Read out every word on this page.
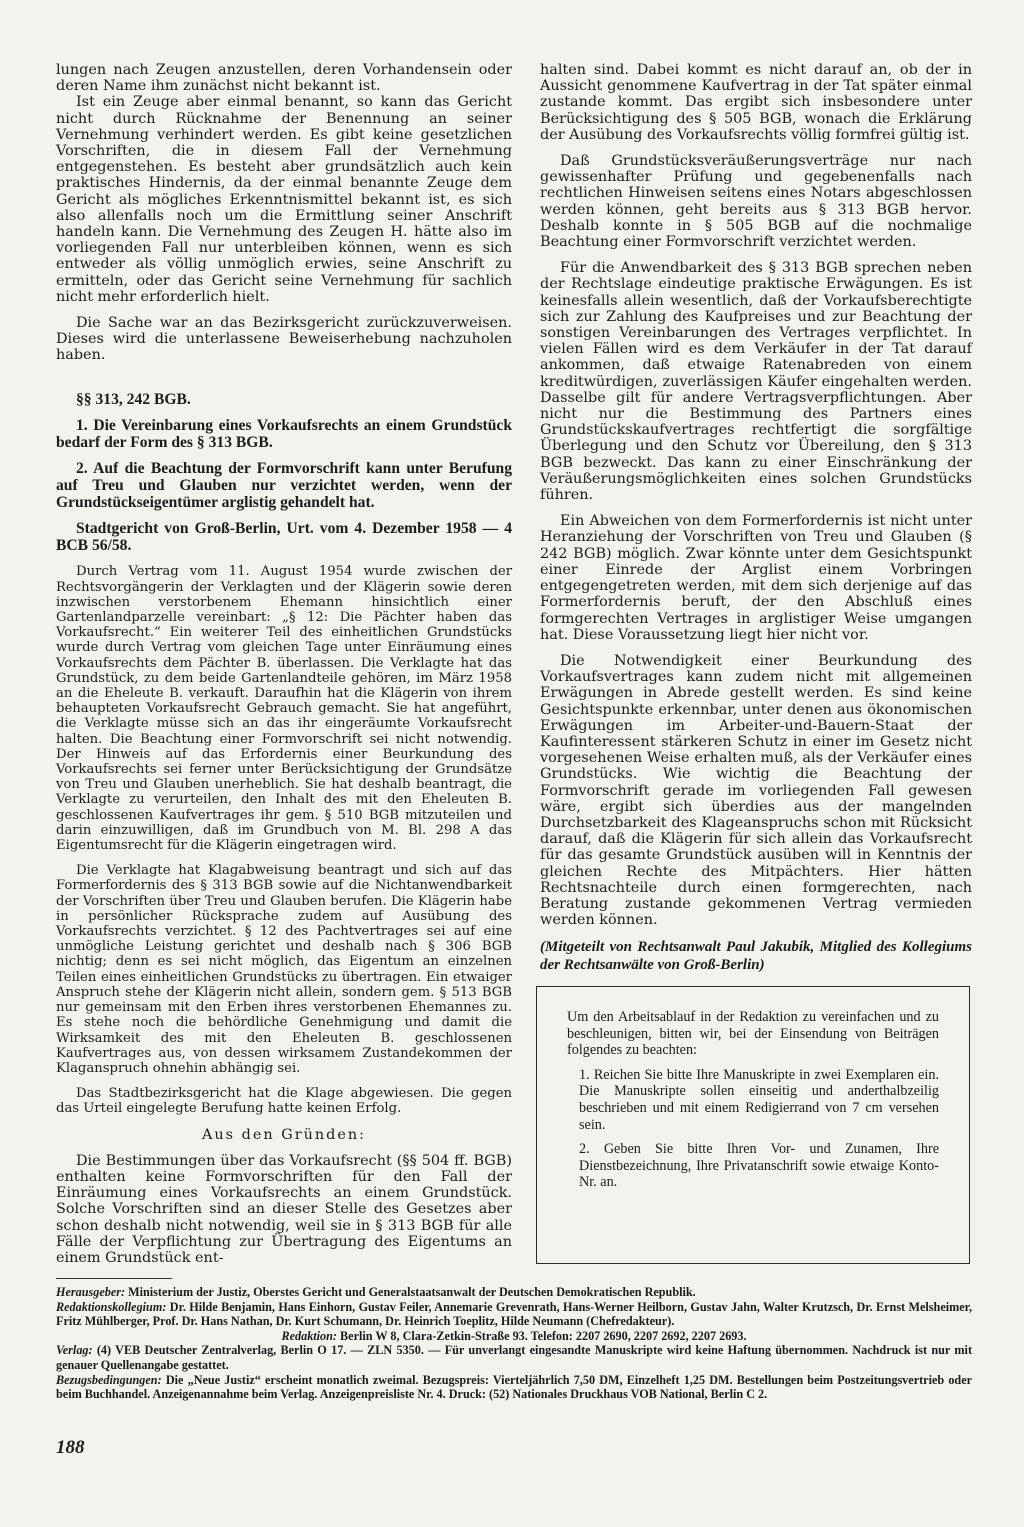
lungen nach Zeugen anzustellen, deren Vorhandensein oder deren Name ihm zunächst nicht bekannt ist.

Ist ein Zeuge aber einmal benannt, so kann das Gericht nicht durch Rücknahme der Benennung an seiner Vernehmung verhindert werden. Es gibt keine gesetzlichen Vorschriften, die in diesem Fall der Vernehmung entgegenstehen. Es besteht aber grundsätzlich auch kein praktisches Hindernis, da der einmal benannte Zeuge dem Gericht als mögliches Erkenntnismittel bekannt ist, es sich also allenfalls noch um die Ermittlung seiner Anschrift handeln kann. Die Vernehmung des Zeugen H. hätte also im vorliegenden Fall nur unterbleiben können, wenn es sich entweder als völlig unmöglich erwies, seine Anschrift zu ermitteln, oder das Gericht seine Vernehmung für sachlich nicht mehr erforderlich hielt.

Die Sache war an das Bezirksgericht zurückzuverweisen. Dieses wird die unterlassene Beweiserhebung nachzuholen haben.

§§ 313, 242 BGB.

1. Die Vereinbarung eines Vorkaufsrechts an einem Grundstück bedarf der Form des § 313 BGB.

2. Auf die Beachtung der Formvorschrift kann unter Berufung auf Treu und Glauben nur verzichtet werden, wenn der Grundstückseigentümer arglistig gehandelt hat.

Stadtgericht von Groß-Berlin, Urt. vom 4. Dezember 1958 — 4 BCB 56/58.

Durch Vertrag vom 11. August 1954 wurde zwischen der Rechtsvorgängerin der Verklagten und der Klägerin sowie deren inzwischen verstorbenem Ehemann hinsichtlich einer Gartenlandparzelle vereinbart: „§ 12: Die Pächter haben das Vorkaufsrecht.“ Ein weiterer Teil des einheitlichen Grundstücks wurde durch Vertrag vom gleichen Tage unter Einräumung eines Vorkaufsrechts dem Pächter B. überlassen. Die Verklagte hat das Grundstück, zu dem beide Gartenlandteile gehören, im März 1958 an die Eheleute B. verkauft. Daraufhin hat die Klägerin von ihrem behaupteten Vorkaufsrecht Gebrauch gemacht. Sie hat angeführt, die Verklagte müsse sich an das ihr eingeräumte Vorkaufsrecht halten. Die Beachtung einer Formvorschrift sei nicht notwendig. Der Hinweis auf das Erfordernis einer Beurkundung des Vorkaufsrechts sei ferner unter Berücksichtigung der Grundsätze von Treu und Glauben unerheblich. Sie hat deshalb beantragt, die Verklagte zu verurteilen, den Inhalt des mit den Eheleuten B. geschlossenen Kaufvertrages ihr gem. § 510 BGB mitzuteilen und darin einzuwilligen, daß im Grundbuch von M. Bl. 298 A das Eigentumsrecht für die Klägerin eingetragen wird.

Die Verklagte hat Klagabweisung beantragt und sich auf das Formerfordernis des § 313 BGB sowie auf die Nichtanwendbarkeit der Vorschriften über Treu und Glauben berufen. Die Klägerin habe in persönlicher Rücksprache zudem auf Ausübung des Vorkaufsrechts verzichtet. § 12 des Pachtvertrages sei auf eine unmögliche Leistung gerichtet und deshalb nach § 306 BGB nichtig; denn es sei nicht möglich, das Eigentum an einzelnen Teilen eines einheitlichen Grundstücks zu übertragen. Ein etwaiger Anspruch stehe der Klägerin nicht allein, sondern gem. § 513 BGB nur gemeinsam mit den Erben ihres verstorbenen Ehemannes zu. Es stehe noch die behördliche Genehmigung und damit die Wirksamkeit des mit den Eheleuten B. geschlossenen Kaufvertrages aus, von dessen wirksamem Zustandekommen der Klaganspruch ohnehin abhängig sei.

Das Stadtbezirksgericht hat die Klage abgewiesen. Die gegen das Urteil eingelegte Berufung hatte keinen Erfolg.

Aus den Gründen:

Die Bestimmungen über das Vorkaufsrecht (§§ 504 ff. BGB) enthalten keine Formvorschriften für den Fall der Einräumung eines Vorkaufsrechts an einem Grundstück. Solche Vorschriften sind an dieser Stelle des Gesetzes aber schon deshalb nicht notwendig, weil sie in § 313 BGB für alle Fälle der Verpflichtung zur Übertragung des Eigentums an einem Grundstück ent-

halten sind. Dabei kommt es nicht darauf an, ob der in Aussicht genommene Kaufvertrag in der Tat später einmal zustande kommt. Das ergibt sich insbesondere unter Berücksichtigung des § 505 BGB, wonach die Erklärung der Ausübung des Vorkaufsrechts völlig formfrei gültig ist.

Daß Grundstücksveräußerungsverträge nur nach gewissenhafter Prüfung und gegebenenfalls nach rechtlichen Hinweisen seitens eines Notars abgeschlossen werden können, geht bereits aus § 313 BGB hervor. Deshalb konnte in § 505 BGB auf die nochmalige Beachtung einer Formvorschrift verzichtet werden.

Für die Anwendbarkeit des § 313 BGB sprechen neben der Rechtslage eindeutige praktische Erwägungen. Es ist keinesfalls allein wesentlich, daß der Vorkaufsberechtigte sich zur Zahlung des Kaufpreises und zur Beachtung der sonstigen Vereinbarungen des Vertrages verpflichtet. In vielen Fällen wird es dem Verkäufer in der Tat darauf ankommen, daß etwaige Ratenabreden von einem kreditwürdigen, zuverlässigen Käufer eingehalten werden. Dasselbe gilt für andere Vertragsverpflichtungen. Aber nicht nur die Bestimmung des Partners eines Grundstückskaufvertrages rechtfertigt die sorgfältige Überlegung und den Schutz vor Übereilung, den § 313 BGB bezweckt. Das kann zu einer Einschränkung der Veräußerungsmöglichkeiten eines solchen Grundstücks führen.

Ein Abweichen von dem Formerfordernis ist nicht unter Heranziehung der Vorschriften von Treu und Glauben (§ 242 BGB) möglich. Zwar könnte unter dem Gesichtspunkt einer Einrede der Arglist einem Vorbringen entgegengetreten werden, mit dem sich derjenige auf das Formerfordernis beruft, der den Abschluß eines formgerechten Vertrages in arglistiger Weise umgangen hat. Diese Voraussetzung liegt hier nicht vor.

Die Notwendigkeit einer Beurkundung des Vorkaufsvertrages kann zudem nicht mit allgemeinen Erwägungen in Abrede gestellt werden. Es sind keine Gesichtspunkte erkennbar, unter denen aus ökonomischen Erwägungen im Arbeiter-und-Bauern-Staat der Kaufinteressent stärkeren Schutz in einer im Gesetz nicht vorgesehenen Weise erhalten muß, als der Verkäufer eines Grundstücks. Wie wichtig die Beachtung der Formvorschrift gerade im vorliegenden Fall gewesen wäre, ergibt sich überdies aus der mangelnden Durchsetzbarkeit des Klageanspruchs schon mit Rücksicht darauf, daß die Klägerin für sich allein das Vorkaufsrecht für das gesamte Grundstück ausüben will in Kenntnis der gleichen Rechte des Mitpächters. Hier hätten Rechtsnachteile durch einen formgerechten, nach Beratung zustande gekommenen Vertrag vermieden werden können.

(Mitgeteilt von Rechtsanwalt Paul Jakubik, Mitglied des Kollegiums der Rechtsanwälte von Groß-Berlin)

Um den Arbeitsablauf in der Redaktion zu vereinfachen und zu beschleunigen, bitten wir, bei der Einsendung von Beiträgen folgendes zu beachten:

1. Reichen Sie bitte Ihre Manuskripte in zwei Exemplaren ein. Die Manuskripte sollen einseitig und anderthalbzeilig beschrieben und mit einem Redigierrand von 7 cm versehen sein.

2. Geben Sie bitte Ihren Vor- und Zunamen, Ihre Dienstbezeichnung, Ihre Privatanschrift sowie etwaige Konto-Nr. an.

Herausgeber: Ministerium der Justiz, Oberstes Gericht und Generalstaatsanwalt der Deutschen Demokratischen Republik.

Redaktionskollegium: Dr. Hilde Benjamin, Hans Einhorn, Gustav Feiler, Annemarie Grevenrath, Hans-Werner Heilborn, Gustav Jahn, Walter Krutzsch, Dr. Ernst Melsheimer, Fritz Mühlberger, Prof. Dr. Hans Nathan, Dr. Kurt Schumann, Dr. Heinrich Toeplitz, Hilde Neumann (Chefredakteur).

Redaktion: Berlin W 8, Clara-Zetkin-Straße 93. Telefon: 2207 2690, 2207 2692, 2207 2693.

Verlag: (4) VEB Deutscher Zentralverlag, Berlin O 17. — ZLN 5350. — Für unverlangt eingesandte Manuskripte wird keine Haftung übernommen. Nachdruck ist nur mit genauer Quellenangabe gestattet.

Bezugsbedingungen: Die „Neue Justiz“ erscheint monatlich zweimal. Bezugspreis: Vierteljährlich 7,50 DM, Einzelheft 1,25 DM. Bestellungen beim Postzeitungsvertrieb oder beim Buchhandel. Anzeigenannahme beim Verlag. Anzeigenpreisliste Nr. 4. Druck: (52) Nationales Druckhaus VOB National, Berlin C 2.

188
